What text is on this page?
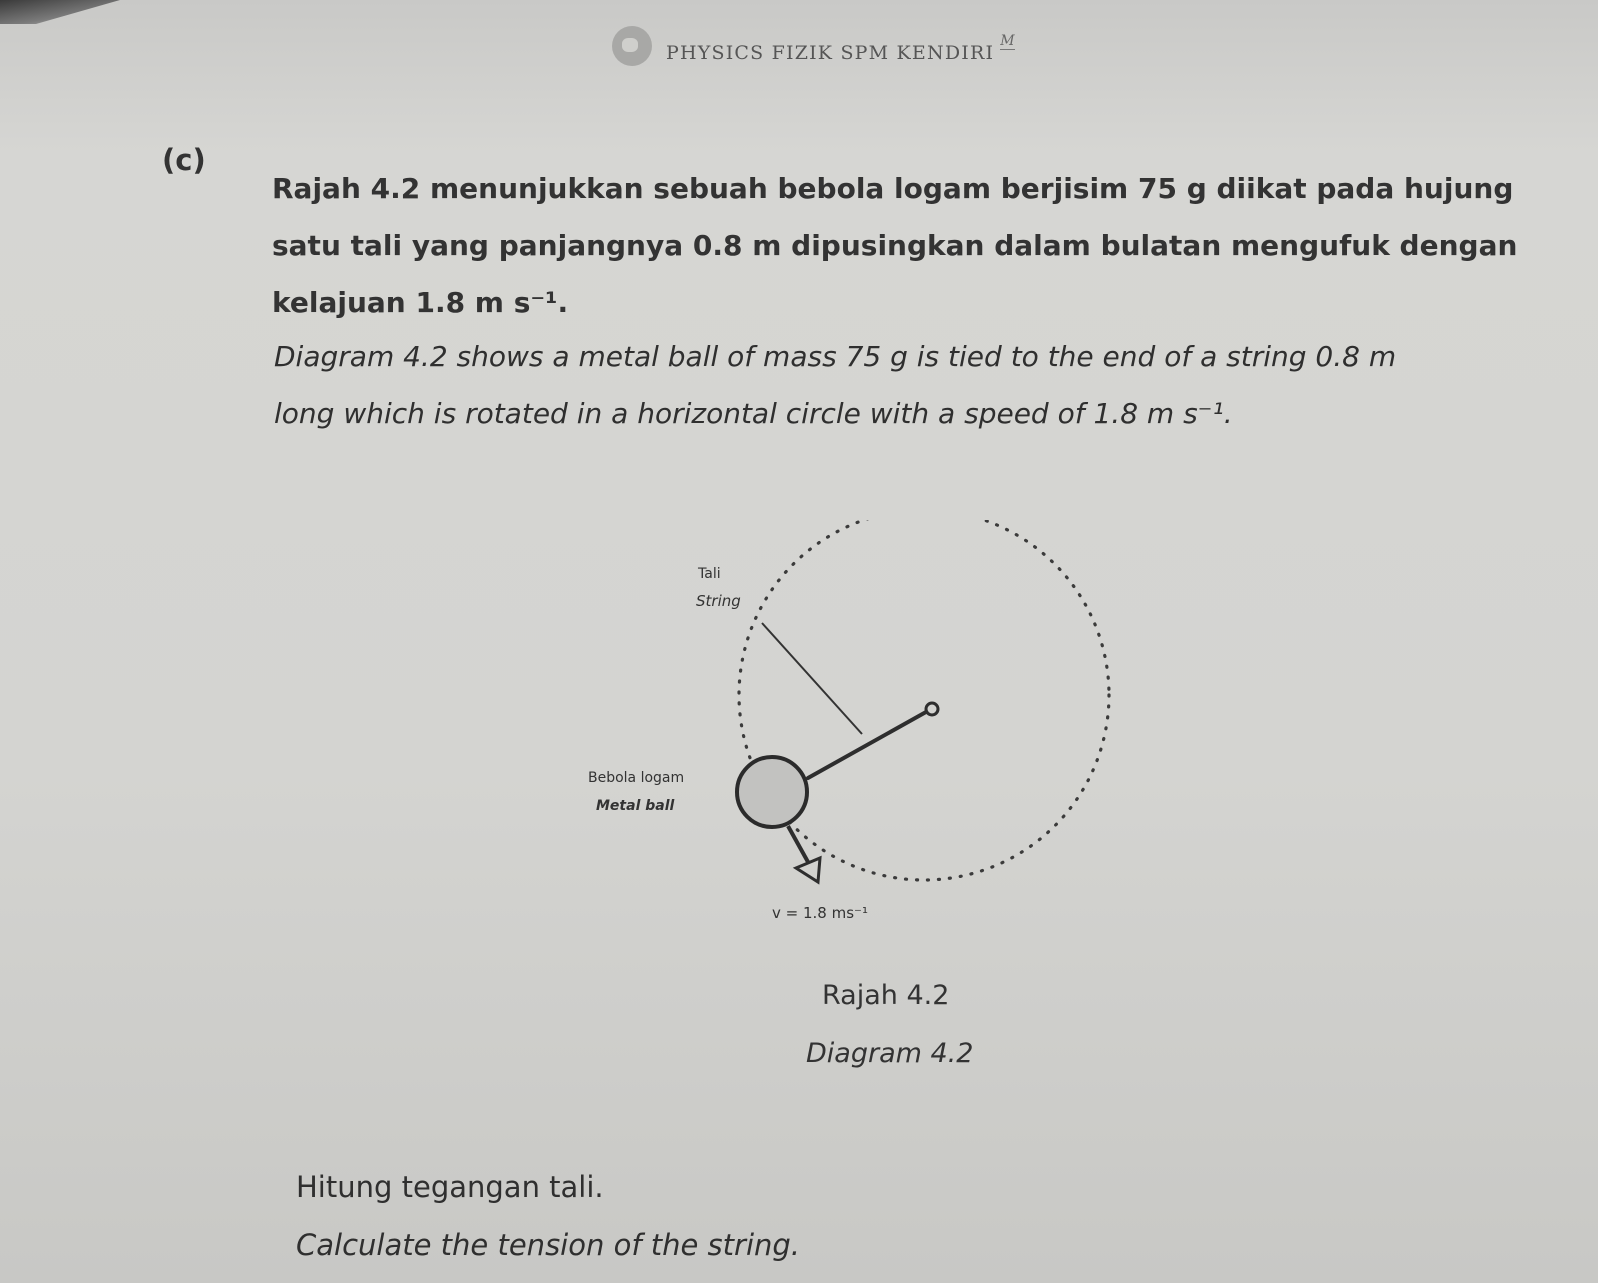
PHYSICS FIZIK SPM KENDIRI
M
(c)
Rajah 4.2 menunjukkan sebuah bebola logam berjisim 75 g diikat pada hujung
satu tali yang panjangnya 0.8 m dipusingkan dalam bulatan mengufuk dengan
kelajuan 1.8 m s⁻¹.
Diagram 4.2 shows a metal ball of mass 75 g is tied to the end of a string 0.8 m
long which is rotated in a horizontal circle with a speed of 1.8 m s⁻¹.
Tali
String
Bebola logam
Metal ball
v = 1.8 ms⁻¹
Rajah 4.2
Diagram 4.2
Hitung tegangan tali.
Calculate the tension of the string.
